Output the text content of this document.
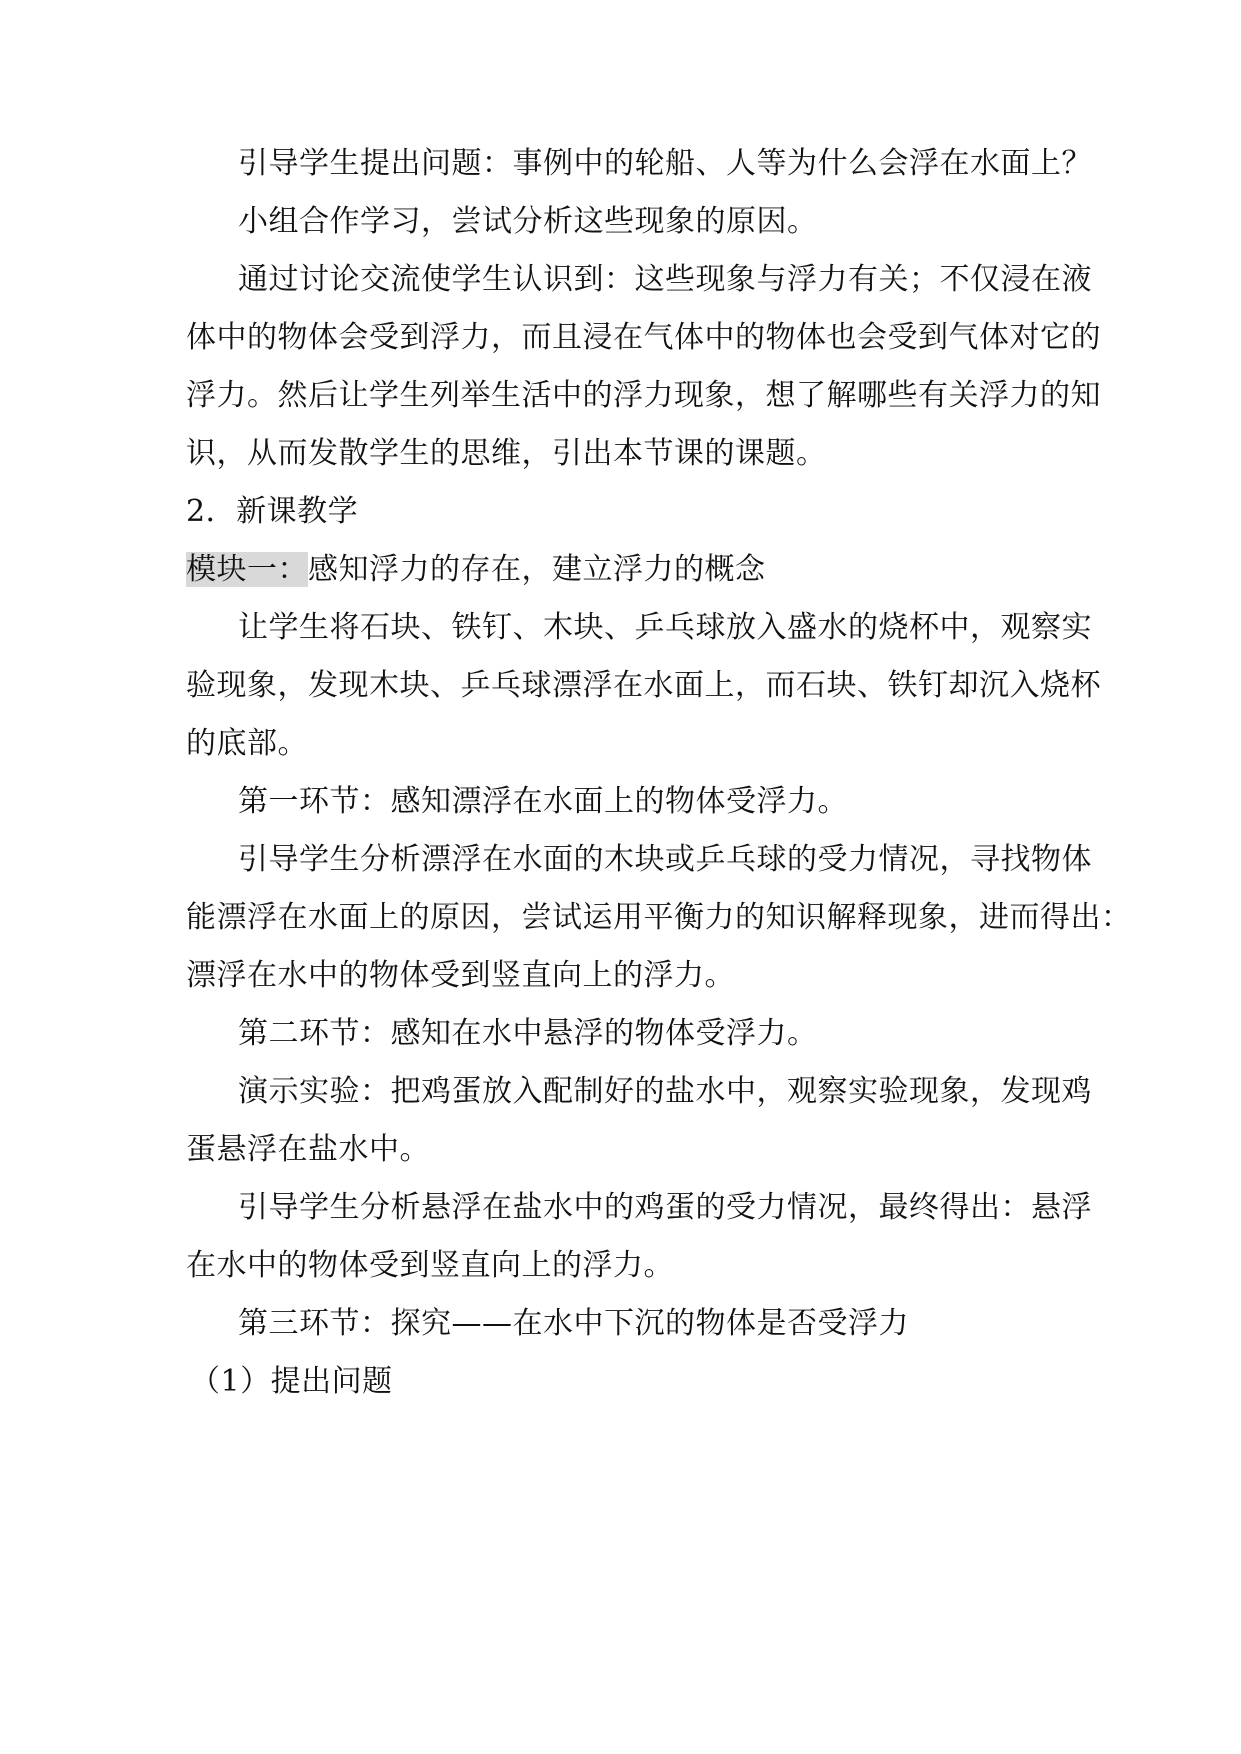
引导学生提出问题：事例中的轮船、人等为什么会浮在水面上？
小组合作学习，尝试分析这些现象的原因。
通过讨论交流使学生认识到：这些现象与浮力有关；不仅浸在液
体中的物体会受到浮力，而且浸在气体中的物体也会受到气体对它的
浮力。然后让学生列举生活中的浮力现象，想了解哪些有关浮力的知
识，从而发散学生的思维，引出本节课的课题。
2．新课教学
模块一：感知浮力的存在，建立浮力的概念
让学生将石块、铁钉、木块、乒乓球放入盛水的烧杯中，观察实
验现象，发现木块、乒乓球漂浮在水面上，而石块、铁钉却沉入烧杯
的底部。
第一环节：感知漂浮在水面上的物体受浮力。
引导学生分析漂浮在水面的木块或乒乓球的受力情况，寻找物体
能漂浮在水面上的原因，尝试运用平衡力的知识解释现象，进而得出：
漂浮在水中的物体受到竖直向上的浮力。
第二环节：感知在水中悬浮的物体受浮力。
演示实验：把鸡蛋放入配制好的盐水中，观察实验现象，发现鸡
蛋悬浮在盐水中。
引导学生分析悬浮在盐水中的鸡蛋的受力情况，最终得出：悬浮
在水中的物体受到竖直向上的浮力。
第三环节：探究——在水中下沉的物体是否受浮力
（1）提出问题
